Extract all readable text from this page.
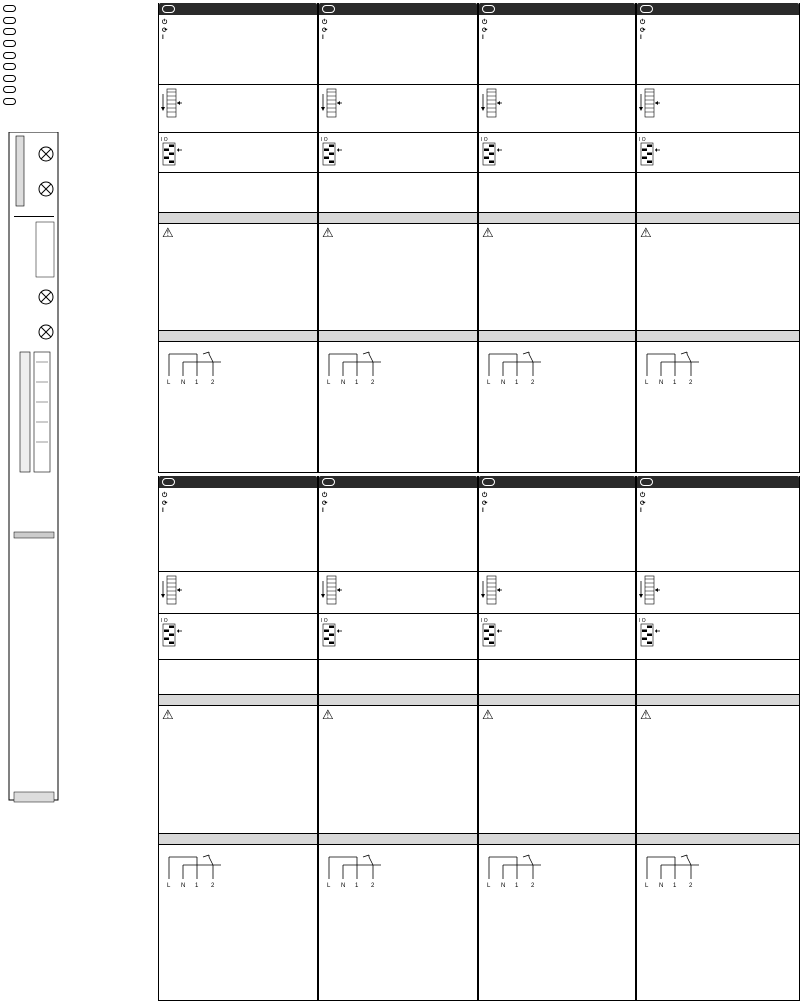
⏻
⟳
I
I O
⚠
L N 1 2
⏻
⟳
I
I O
⚠
L N 1 2
⏻
⟳
I
I O
⚠
L N 1 2
⏻
⟳
I
I O
⚠
L N 1 2
⏻
⟳
I
I O
⚠
L N 1 2
⏻
⟳
I
I O
⚠
L N 1 2
⏻
⟳
I
I O
⚠
L N 1 2
⏻
⟳
I
I O
⚠
L N 1 2
